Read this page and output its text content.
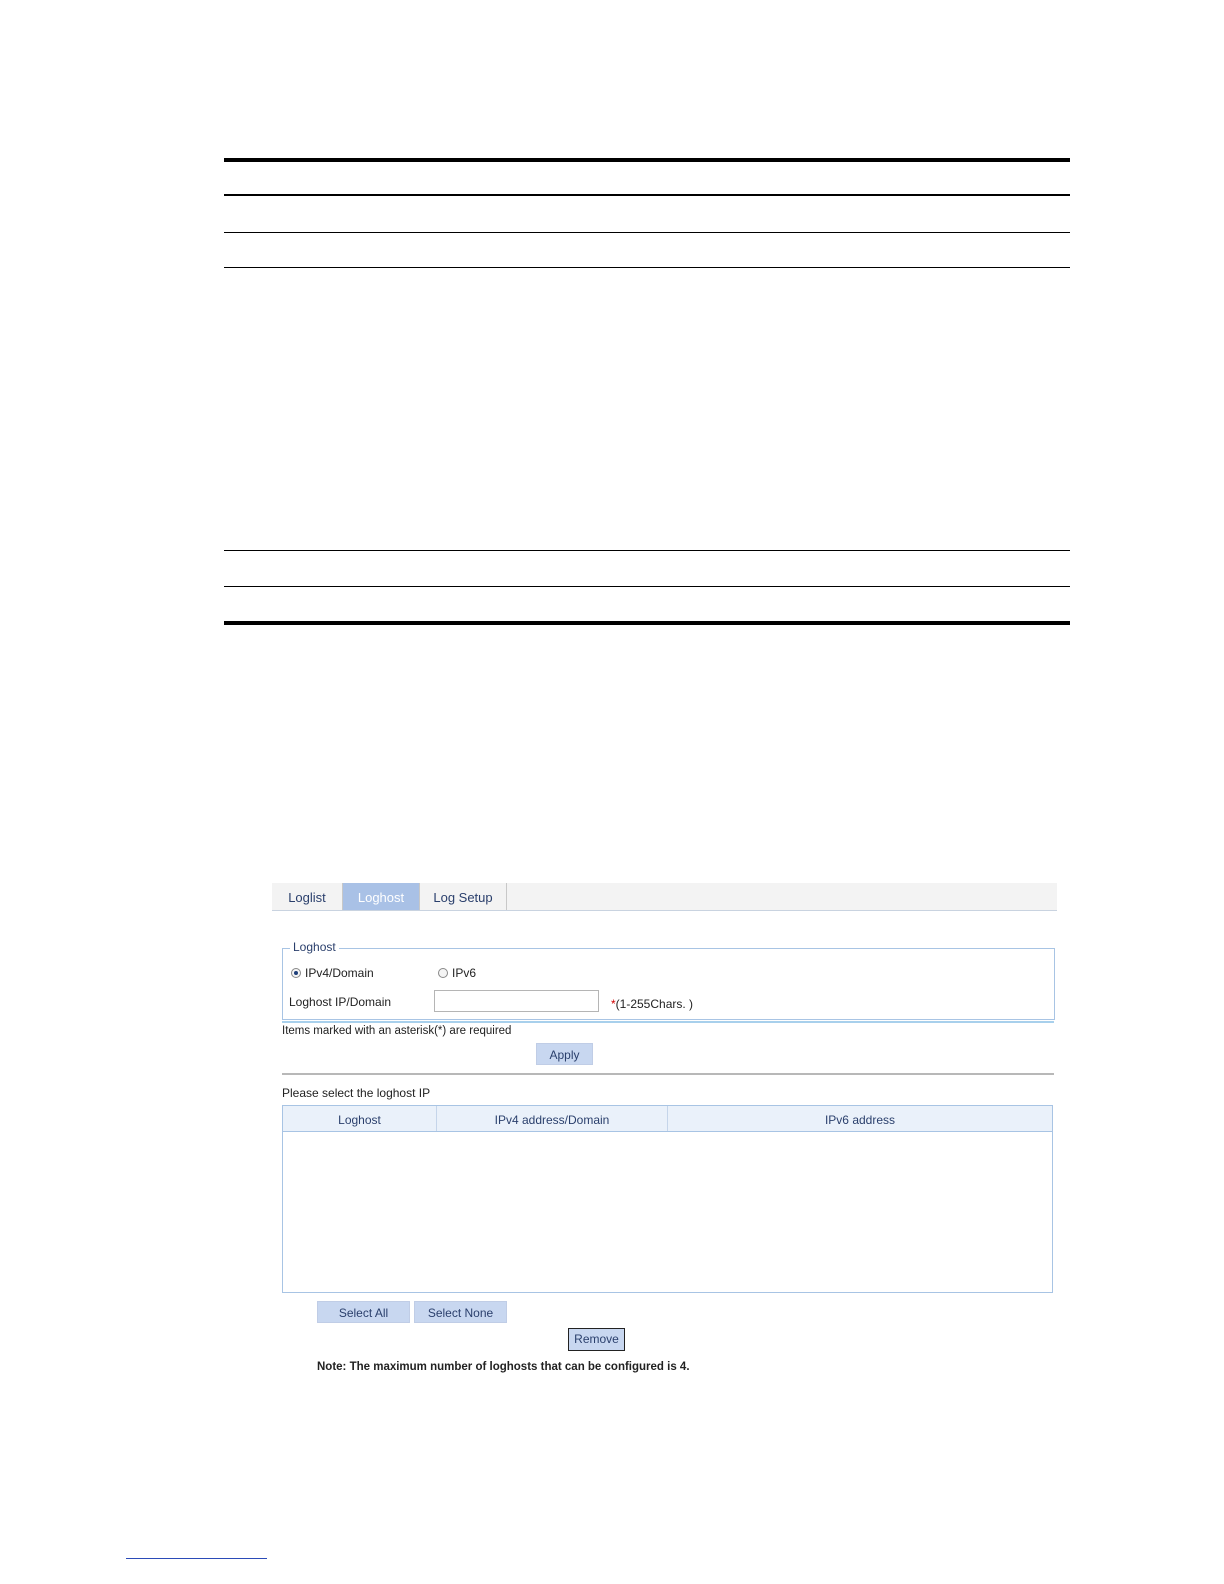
Loglist	Loghost	Log Setup
Loghost
IPv4/Domain	IPv6
Loghost IP/Domain	*(1-255Chars. )
Items marked with an asterisk(*) are required
Apply
Please select the loghost IP
Loghost	IPv4 address/Domain	IPv6 address
Select All	Select None
Remove
Note: The maximum number of loghosts that can be configured is 4.
